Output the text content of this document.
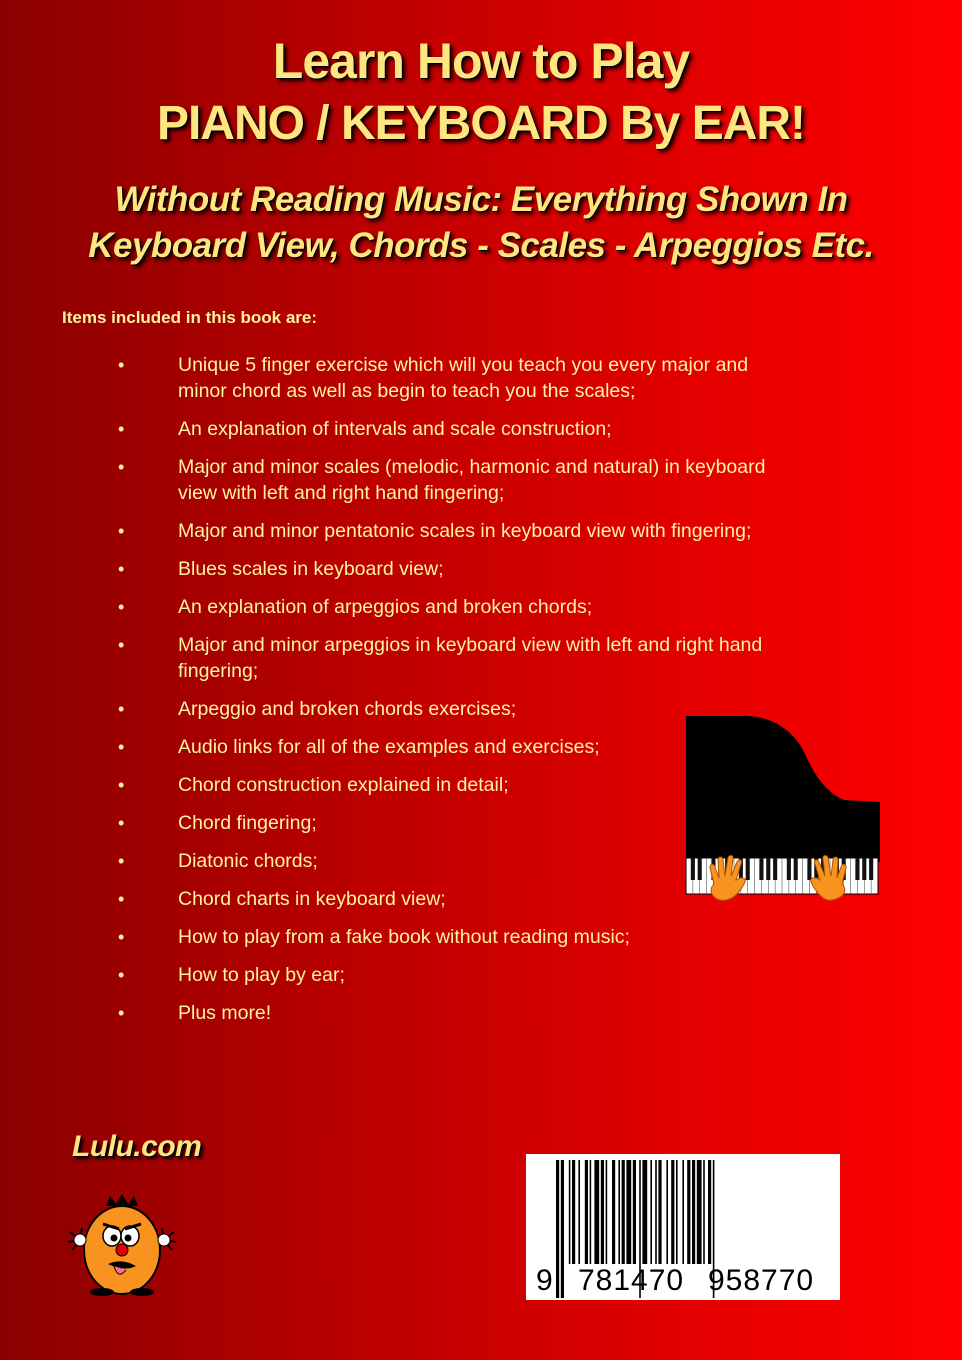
Learn How to Play
PIANO / KEYBOARD By EAR!
Without Reading Music: Everything Shown In
Keyboard View, Chords - Scales - Arpeggios Etc.
Items included in this book are:
•	Unique 5 finger exercise which will you teach you every major and
minor chord as well as begin to teach you the scales;
•	An explanation of intervals and scale construction;
•	Major and minor scales (melodic, harmonic and natural) in keyboard
view with left and right hand fingering;
•	Major and minor pentatonic scales in keyboard view with fingering;
•	Blues scales in keyboard view;
•	An explanation of arpeggios and broken chords;
•	Major and minor arpeggios in keyboard view with left and right hand
fingering;
•	Arpeggio and broken chords exercises;
•	Audio links for all of the examples and exercises;
•	Chord construction explained in detail;
•	Chord fingering;
•	Diatonic chords;
•	Chord charts in keyboard view;
•	How to play from a fake book without reading music;
•	How to play by ear;
•	Plus more!
Lulu.com
9 781470 958770
